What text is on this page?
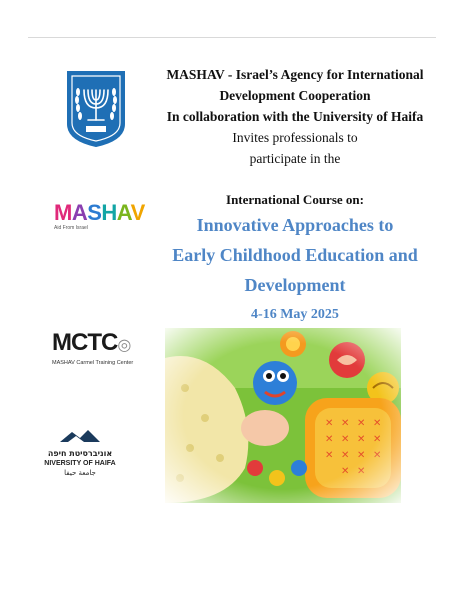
MASHAV - Israel’s Agency for International
Development Cooperation
In collaboration with the University of Haifa
Invites professionals to
participate in the
MASHAV
Aid From Israel
International Course on:
Innovative Approaches to
Early Childhood Education and
Development
4-16 May 2025
MCTC◎
MASHAV Carmel Training Center
אוניברסיטת חיפה
NIVERSITY OF HAIFA
جامعة حيفا
